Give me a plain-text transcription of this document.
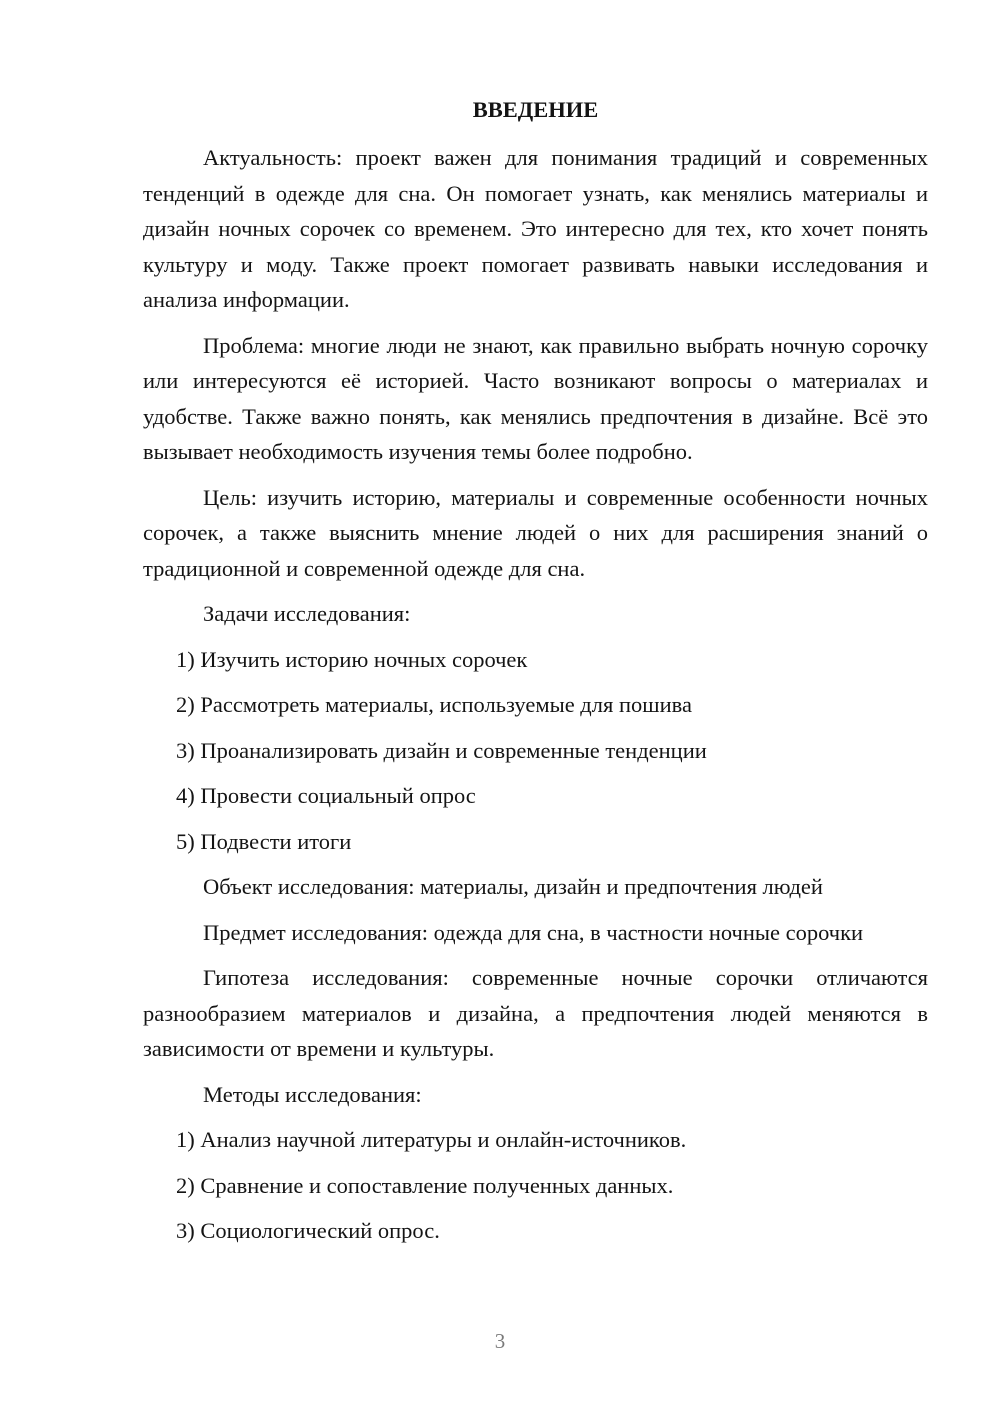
ВВЕДЕНИЕ
Актуальность: проект важен для понимания традиций и современных тенденций в одежде для сна. Он помогает узнать, как менялись материалы и дизайн ночных сорочек со временем. Это интересно для тех, кто хочет понять культуру и моду. Также проект помогает развивать навыки исследования и анализа информации.
Проблема: многие люди не знают, как правильно выбрать ночную сорочку или интересуются её историей. Часто возникают вопросы о материалах и удобстве. Также важно понять, как менялись предпочтения в дизайне. Всё это вызывает необходимость изучения темы более подробно.
Цель: изучить историю, материалы и современные особенности ночных сорочек, а также выяснить мнение людей о них для расширения знаний о традиционной и современной одежде для сна.
Задачи исследования:
1) Изучить историю ночных сорочек
2) Рассмотреть материалы, используемые для пошива
3) Проанализировать дизайн и современные тенденции
4) Провести социальный опрос
5) Подвести итоги
Объект исследования: материалы, дизайн и предпочтения людей
Предмет исследования: одежда для сна, в частности ночные сорочки
Гипотеза исследования: современные ночные сорочки отличаются разнообразием материалов и дизайна, а предпочтения людей меняются в зависимости от времени и культуры.
Методы исследования:
1) Анализ научной литературы и онлайн-источников.
2) Сравнение и сопоставление полученных данных.
3) Социологический опрос.
3
